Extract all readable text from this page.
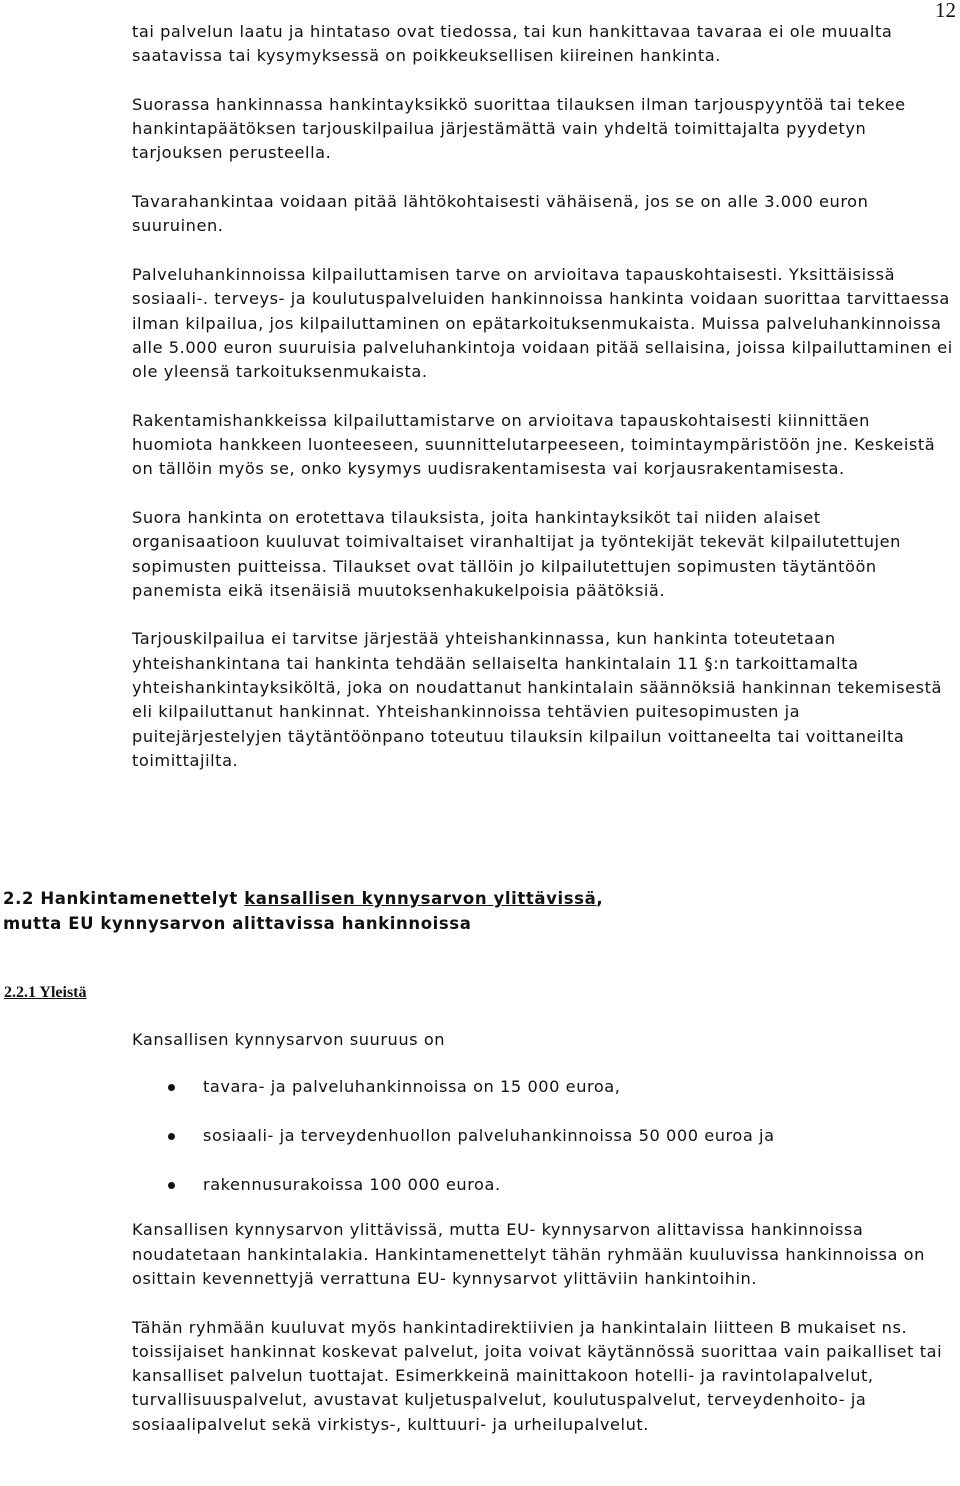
12

tai palvelun laatu ja hintataso ovat tiedossa, tai kun hankittavaa tavaraa ei ole muualta saatavissa tai kysymyksessä on poikkeuksellisen kiireinen hankinta.

Suorassa hankinnassa hankintayksikkö suorittaa tilauksen ilman tarjouspyyntöä tai tekee hankintapäätöksen tarjouskilpailua järjestämättä vain yhdeltä toimittajalta pyydetyn tarjouksen perusteella.

Tavarahankintaa voidaan pitää lähtökohtaisesti vähäisenä, jos se on alle 3.000 euron suuruinen.

Palveluhankinnoissa kilpailuttamisen tarve on arvioitava tapauskohtaisesti. Yksittäisissä sosiaali-. terveys- ja koulutuspalveluiden hankinnoissa hankinta voidaan suorittaa tarvittaessa ilman kilpailua, jos kilpailuttaminen on epätarkoituksenmukaista. Muissa palveluhankinnoissa alle 5.000 euron suuruisia palveluhankintoja voidaan pitää sellaisina, joissa kilpailuttaminen ei ole yleensä tarkoituksenmukaista.

Rakentamishankkeissa kilpailuttamistarve on arvioitava tapauskohtaisesti kiinnittäen huomiota hankkeen luonteeseen, suunnittelutarpeeseen, toimintaympäristöön jne. Keskeistä on tällöin myös se, onko kysymys uudisrakentamisesta vai korjausrakentamisesta.

Suora hankinta on erotettava tilauksista, joita hankintayksiköt tai niiden alaiset organisaatioon kuuluvat toimivaltaiset viranhaltijat ja työntekijät tekevät kilpailutettujen sopimusten puitteissa. Tilaukset ovat tällöin jo kilpailutettujen sopimusten täytäntöön panemista eikä itsenäisiä muutoksenhakukelpoisia päätöksiä.

Tarjouskilpailua ei tarvitse järjestää yhteishankinnassa, kun hankinta toteutetaan yhteishankintana tai hankinta tehdään sellaiselta hankintalain 11 §:n tarkoittamalta yhteishankintayksiköltä, joka on noudattanut hankintalain säännöksiä hankinnan tekemisestä eli kilpailuttanut hankinnat. Yhteishankinnoissa tehtävien puitesopimusten ja puitejärjestelyjen täytäntöönpano toteutuu tilauksin kilpailun voittaneelta tai voittaneilta toimittajilta.

2.2 Hankintamenettelyt kansallisen kynnysarvon ylittävissä,
mutta EU kynnysarvon alittavissa hankinnoissa
2.2.1 Yleistä

Kansallisen kynnysarvon suuruus on

tavara- ja palveluhankinnoissa on 15 000 euroa,
sosiaali- ja terveydenhuollon palveluhankinnoissa 50 000 euroa ja
rakennusurakoissa 100 000 euroa.

Kansallisen kynnysarvon ylittävissä, mutta EU- kynnysarvon alittavissa hankinnoissa noudatetaan hankintalakia. Hankintamenettelyt tähän ryhmään kuuluvissa hankinnoissa on osittain kevennettyjä verrattuna EU- kynnysarvot ylittäviin hankintoihin.

Tähän ryhmään kuuluvat myös hankintadirektiivien ja hankintalain liitteen B mukaiset ns. toissijaiset hankinnat koskevat palvelut, joita voivat käytännössä suorittaa vain paikalliset tai kansalliset palvelun tuottajat. Esimerkkeinä mainittakoon hotelli- ja ravintolapalvelut, turvallisuuspalvelut, avustavat kuljetuspalvelut, koulutuspalvelut, terveydenhoito- ja sosiaalipalvelut sekä virkistys-, kulttuuri- ja urheilupalvelut.
